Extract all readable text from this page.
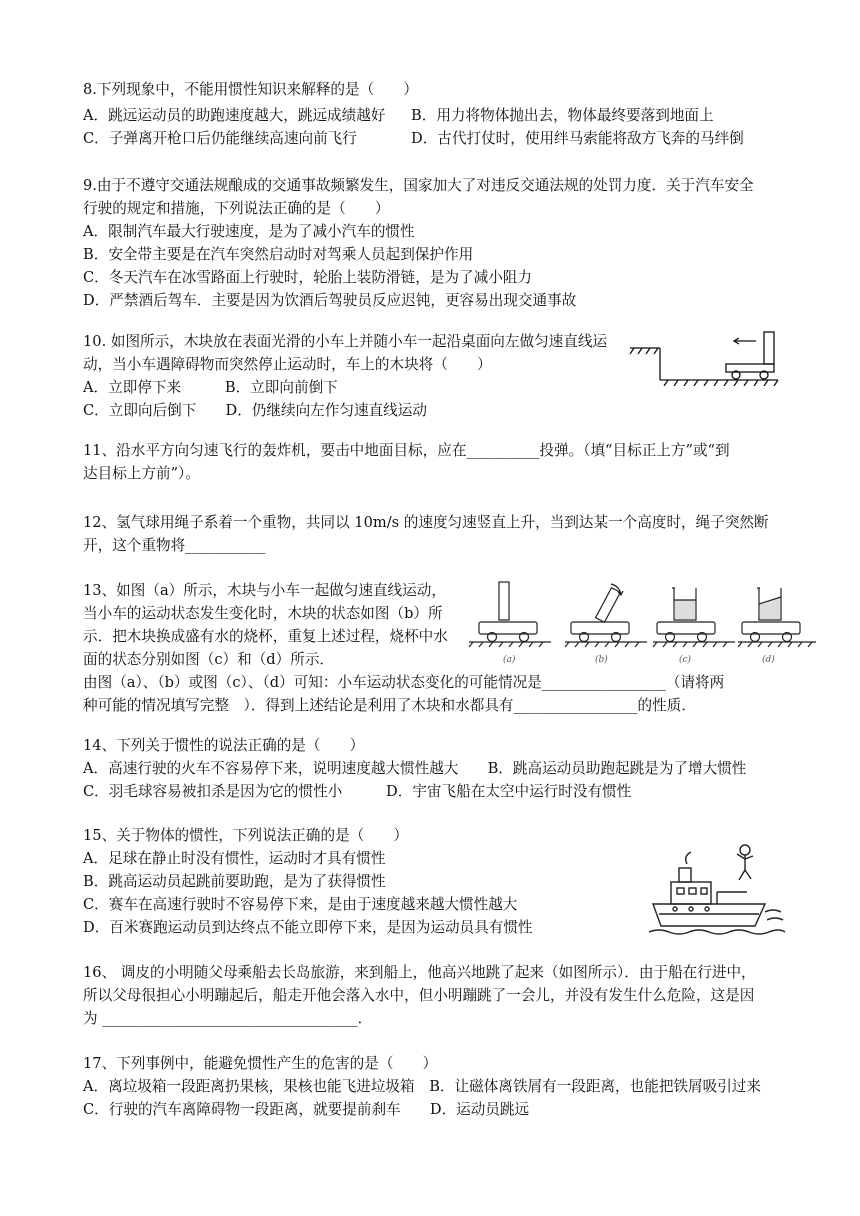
8.下列现象中，不能用惯性知识来解释的是（　　）
A．跳远运动员的助跑速度越大，跳远成绩越好 B．用力将物体抛出去，物体最终要落到地面上
C．子弹离开枪口后仍能继续高速向前飞行	D．古代打仗时，使用绊马索能将敌方飞奔的马绊倒
9.由于不遵守交通法规酿成的交通事故频繁发生，国家加大了对违反交通法规的处罚力度．关于汽车安全
行驶的规定和措施，下列说法正确的是（　　）
A．限制汽车最大行驶速度，是为了减小汽车的惯性
B．安全带主要是在汽车突然启动时对驾乘人员起到保护作用
C．冬天汽车在冰雪路面上行驶时，轮胎上装防滑链，是为了减小阻力
D．严禁酒后驾车．主要是因为饮酒后驾驶员反应迟钝，更容易出现交通事故
10. 如图所示，木块放在表面光滑的小车上并随小车一起沿桌面向左做匀速直线运
动，当小车遇障碍物而突然停止运动时，车上的木块将（　　）
A．立即停下来　　　B．立即向前倒下
C．立即向后倒下　　D．仍继续向左作匀速直线运动
11、沿水平方向匀速飞行的轰炸机，要击中地面目标，应在__________投弹。（填“目标正上方”或“到
达目标上方前”）。
12、氢气球用绳子系着一个重物，共同以 10m/s 的速度匀速竖直上升，当到达某一个高度时，绳子突然断
开，这个重物将___________
13、如图（a）所示，木块与小车一起做匀速直线运动，
当小车的运动状态发生变化时，木块的状态如图（b）所
示．把木块换成盛有水的烧杯，重复上述过程，烧杯中水
面的状态分别如图（c）和（d）所示．
由图（a）、（b）或图（c）、（d）可知：小车运动状态变化的可能情况是_________________（请将两
种可能的情况填写完整　）．得到上述结论是利用了木块和水都具有_________________的性质．
(a)	(b)	(c)	(d)
14、下列关于惯性的说法正确的是（　　）
A．高速行驶的火车不容易停下来，说明速度越大惯性越大　　B．跳高运动员助跑起跳是为了增大惯性
C．羽毛球容易被扣杀是因为它的惯性小　　　D．宇宙飞船在太空中运行时没有惯性
15、关于物体的惯性，下列说法正确的是（　　）
A．足球在静止时没有惯性，运动时才具有惯性
B．跳高运动员起跳前要助跑，是为了获得惯性
C．赛车在高速行驶时不容易停下来，是由于速度越来越大惯性越大
D．百米赛跑运动员到达终点不能立即停下来，是因为运动员具有惯性
16、 调皮的小明随父母乘船去长岛旅游，来到船上，他高兴地跳了起来（如图所示）．由于船在行进中，
所以父母很担心小明蹦起后，船走开他会落入水中，但小明蹦跳了一会儿，并没有发生什么危险，这是因
为 ___________________________________．
17、下列事例中，能避免惯性产生的危害的是（　　）
A．离垃圾箱一段距离扔果核，果核也能飞进垃圾箱　B．让磁体离铁屑有一段距离，也能把铁屑吸引过来
C．行驶的汽车离障碍物一段距离，就要提前刹车　　D．运动员跳远
